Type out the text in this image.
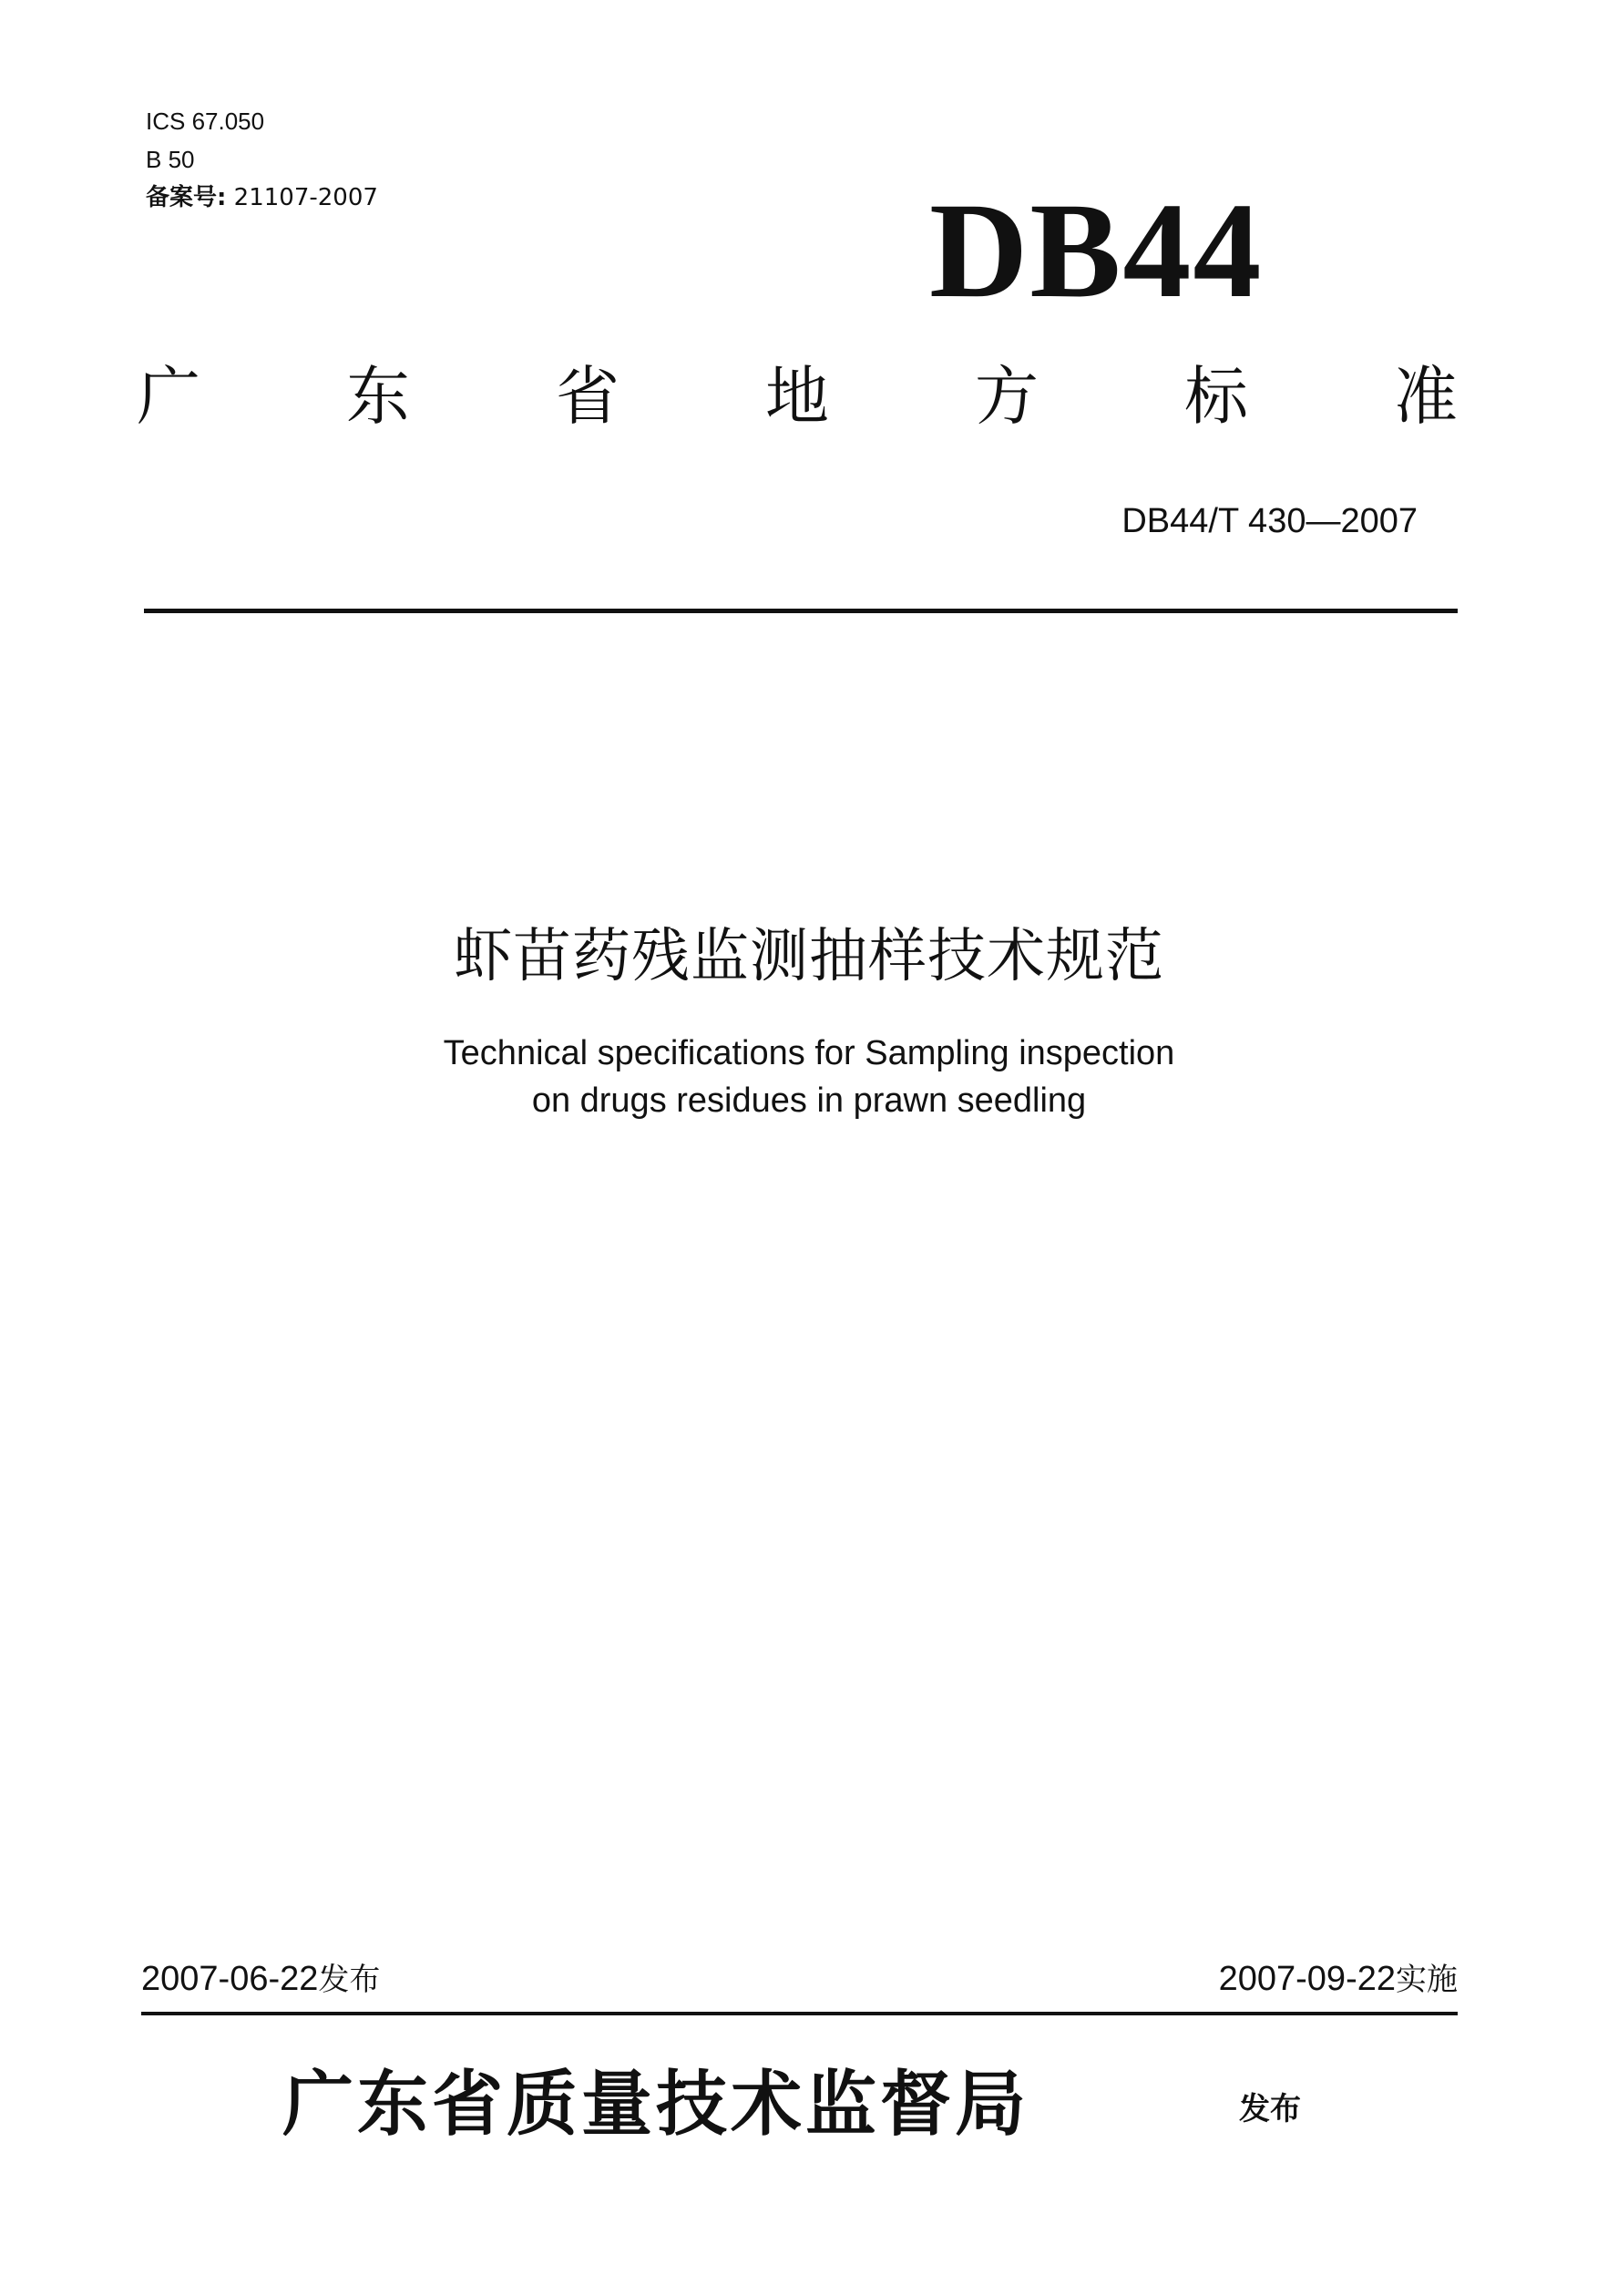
ICS 67.050
B 50
备案号: 21107-2007	DB44
广 东 省 地 方 标 准
DB44/T 430—2007
虾苗药残监测抽样技术规范
Technical specifications for Sampling inspection
on drugs residues in prawn seedling
2007-06-22发布	2007-09-22实施
广东省质量技术监督局	发布
